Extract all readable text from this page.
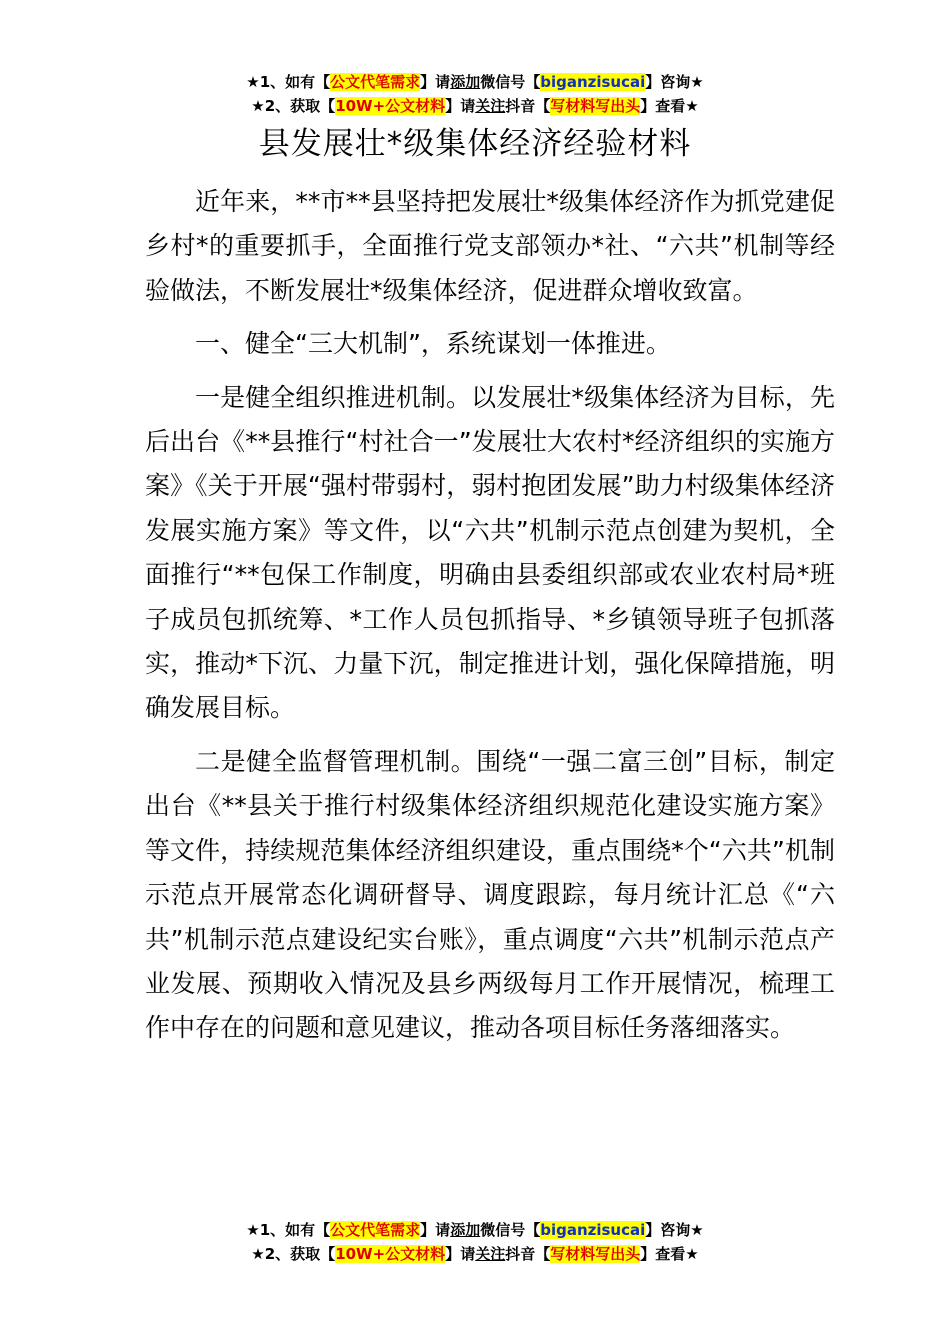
★1、如有【公文代笔需求】请添加微信号【biganzisucai】咨询★
★2、获取【10W+公文材料】请关注抖音【写材料写出头】查看★
县发展壮*级集体经济经验材料

近年来，**市**县坚持把发展壮*级集体经济作为抓党建促乡村*的重要抓手，全面推行党支部领办*社、“六共”机制等经验做法，不断发展壮*级集体经济，促进群众增收致富。

一、健全“三大机制”，系统谋划一体推进。

一是健全组织推进机制。以发展壮*级集体经济为目标，先后出台《**县推行“村社合一”发展壮大农村*经济组织的实施方案》《关于开展“强村带弱村，弱村抱团发展”助力村级集体经济发展实施方案》等文件，以“六共”机制示范点创建为契机，全面推行“**包保工作制度，明确由县委组织部或农业农村局*班子成员包抓统筹、*工作人员包抓指导、*乡镇领导班子包抓落实，推动*下沉、力量下沉，制定推进计划，强化保障措施，明确发展目标。

二是健全监督管理机制。围绕“一强二富三创”目标，制定出台《**县关于推行村级集体经济组织规范化建设实施方案》等文件，持续规范集体经济组织建设，重点围绕*个“六共”机制示范点开展常态化调研督导、调度跟踪，每月统计汇总《“六共”机制示范点建设纪实台账》，重点调度“六共”机制示范点产业发展、预期收入情况及县乡两级每月工作开展情况，梳理工作中存在的问题和意见建议，推动各项目标任务落细落实。

★1、如有【公文代笔需求】请添加微信号【biganzisucai】咨询★
★2、获取【10W+公文材料】请关注抖音【写材料写出头】查看★
